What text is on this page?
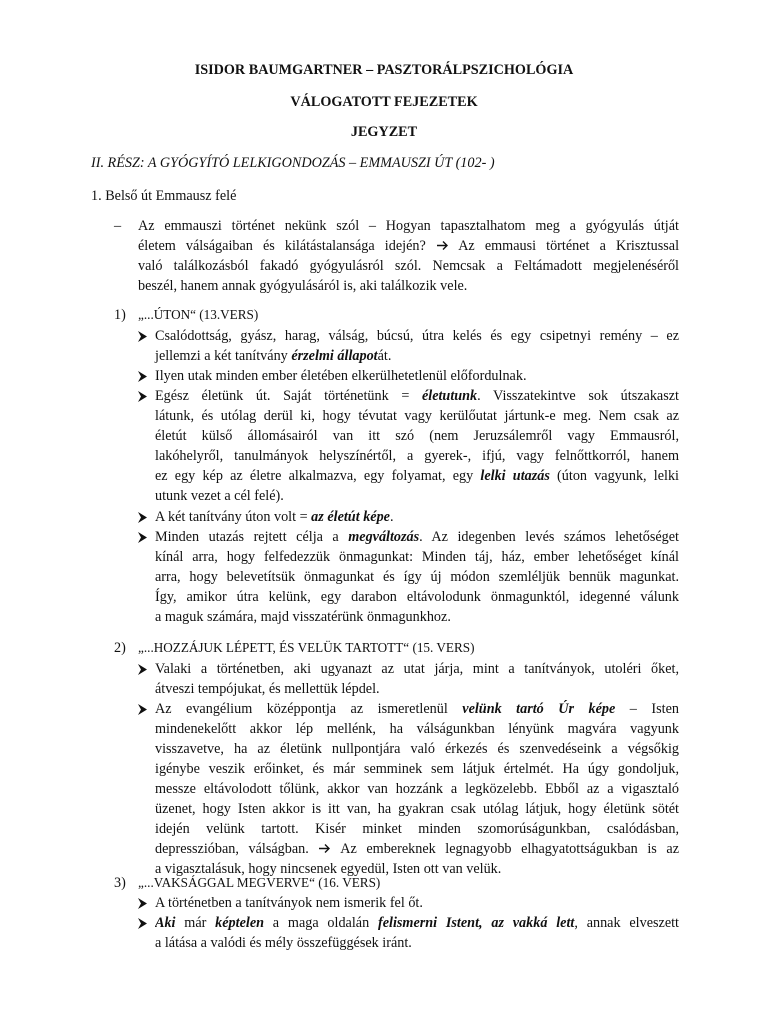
ISIDOR BAUMGARTNER – PASZTORÁLPSZICHOLÓGIA
VÁLOGATOTT FEJEZETEK
JEGYZET
II. RÉSZ: A GYÓGYÍTÓ LELKIGONDOZÁS – EMMAUSZI ÚT (102- )
1. Belső út Emmausz felé
– Az emmauszi történet nekünk szól – Hogyan tapasztalhatom meg a gyógyulás útját
életem válságaiban és kilátástalansága idején? Az emmausi történet a Krisztussal
való találkozásból fakadó gyógyulásról szól. Nemcsak a Feltámadott megjelenéséről
beszél, hanem annak gyógyulásáról is, aki találkozik vele.
1) „...ÚTON“ (13.VERS)
Csalódottság, gyász, harag, válság, búcsú, útra kelés és egy csipetnyi remény – ez
jellemzi a két tanítvány érzelmi állapotát.
Ilyen utak minden ember életében elkerülhetetlenül előfordulnak.
Egész életünk út. Saját történetünk = életutunk. Visszatekintve sok útszakaszt
látunk, és utólag derül ki, hogy tévutat vagy kerülőutat jártunk-e meg. Nem csak az
életút külső állomásairól van itt szó (nem Jeruzsálemről vagy Emmausról,
lakóhelyről, tanulmányok helyszínértől, a gyerek-, ifjú, vagy felnőttkorról, hanem
ez egy kép az életre alkalmazva, egy folyamat, egy lelki utazás (úton vagyunk, lelki
utunk vezet a cél felé).
A két tanítvány úton volt = az életút képe.
Minden utazás rejtett célja a megváltozás. Az idegenben levés számos lehetőséget
kínál arra, hogy felfedezzük önmagunkat: Minden táj, ház, ember lehetőséget kínál
arra, hogy belevetítsük önmagunkat és így új módon szemléljük bennük magunkat.
Így, amikor útra kelünk, egy darabon eltávolodunk önmagunktól, idegenné válunk
a maguk számára, majd visszatérünk önmagunkhoz.
2) „...HOZZÁJUK LÉPETT, ÉS VELÜK TARTOTT“ (15. VERS)
Valaki a történetben, aki ugyanazt az utat járja, mint a tanítványok, utoléri őket,
átveszi tempójukat, és mellettük lépdel.
Az evangélium középpontja az ismeretlenül velünk tartó Úr képe – Isten
mindenekelőtt akkor lép mellénk, ha válságunkban lényünk magvára vagyunk
visszavetve, ha az életünk nullpontjára való érkezés és szenvedéseink a végsőkig
igénybe veszik erőinket, és már semminek sem látjuk értelmét. Ha úgy gondoljuk,
messze eltávolodott tőlünk, akkor van hozzánk a legközelebb. Ebből az a vigasztaló
üzenet, hogy Isten akkor is itt van, ha gyakran csak utólag látjuk, hogy életünk sötét
idején velünk tartott. Kisér minket minden szomorúságunkban, csalódásban,
depresszióban, válságban. Az embereknek legnagyobb elhagyatottságukban is az
a vigasztalásuk, hogy nincsenek egyedül, Isten ott van velük.
3) „...VAKSÁGGAL MEGVERVE“ (16. VERS)
A történetben a tanítványok nem ismerik fel őt.
Aki már képtelen a maga oldalán felismerni Istent, az vakká lett, annak elveszett
a látása a valódi és mély összefüggések iránt.
